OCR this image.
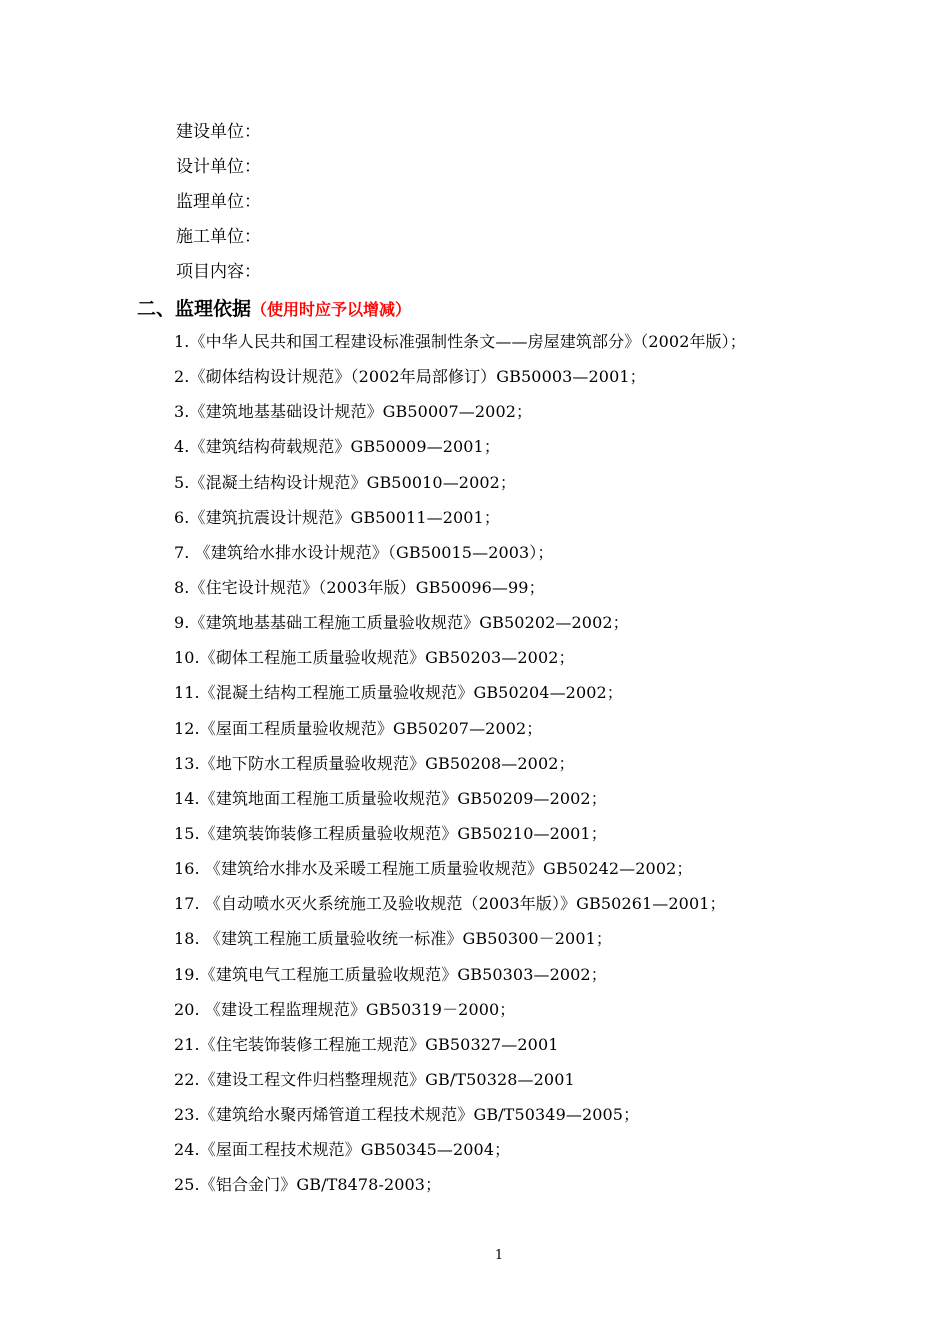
建设单位：
设计单位：
监理单位：
施工单位：
项目内容：
二、监理依据（使用时应予以增减）
1.《中华人民共和国工程建设标准强制性条文——房屋建筑部分》（2002年版）；
2.《砌体结构设计规范》（2002年局部修订）GB50003—2001；
3.《建筑地基基础设计规范》GB50007—2002；
4.《建筑结构荷载规范》GB50009—2001；
5.《混凝土结构设计规范》GB50010—2002；
6.《建筑抗震设计规范》GB50011—2001；
7. 《建筑给水排水设计规范》（GB50015—2003）；
8.《住宅设计规范》（2003年版）GB50096—99；
9.《建筑地基基础工程施工质量验收规范》GB50202—2002；
10.《砌体工程施工质量验收规范》GB50203—2002；
11.《混凝土结构工程施工质量验收规范》GB50204—2002；
12.《屋面工程质量验收规范》GB50207—2002；
13.《地下防水工程质量验收规范》GB50208—2002；
14.《建筑地面工程施工质量验收规范》GB50209—2002；
15.《建筑装饰装修工程质量验收规范》GB50210—2001；
16. 《建筑给水排水及采暖工程施工质量验收规范》GB50242—2002；
17. 《自动喷水灭火系统施工及验收规范（2003年版）》GB50261—2001；
18. 《建筑工程施工质量验收统一标准》GB50300－2001；
19.《建筑电气工程施工质量验收规范》GB50303—2002；
20. 《建设工程监理规范》GB50319－2000；
21.《住宅装饰装修工程施工规范》GB50327—2001
22.《建设工程文件归档整理规范》GB/T50328—2001
23.《建筑给水聚丙烯管道工程技术规范》GB/T50349—2005；
24.《屋面工程技术规范》GB50345—2004；
25.《铝合金门》GB/T8478-2003；
1
